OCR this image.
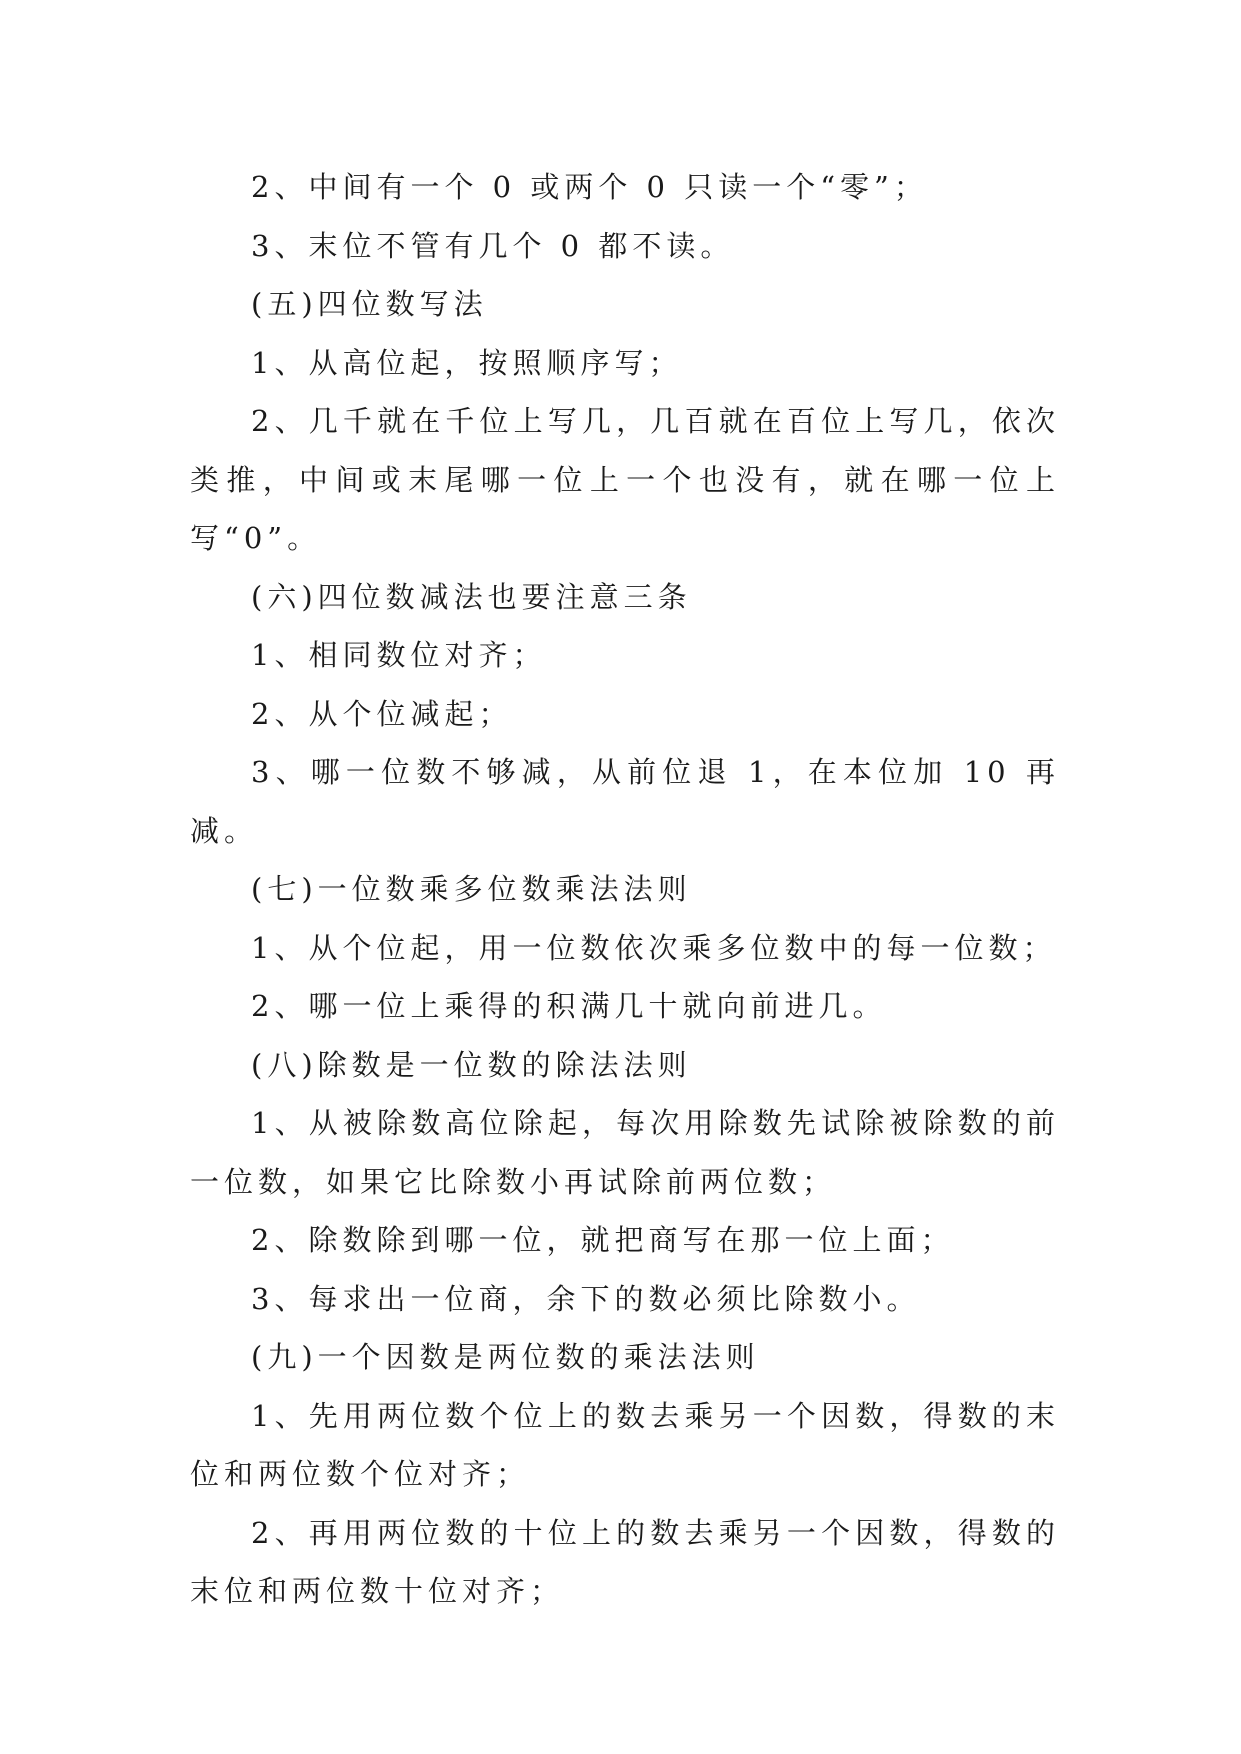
2、中间有一个 0 或两个 0 只读一个“零”；

3、末位不管有几个 0 都不读。

(五)四位数写法

1、从高位起，按照顺序写；

2、几千就在千位上写几，几百就在百位上写几，依次类推，中间或末尾哪一位上一个也没有，就在哪一位上写“0”。

(六)四位数减法也要注意三条

1、相同数位对齐；

2、从个位减起；

3、哪一位数不够减，从前位退 1，在本位加 10 再减。

(七)一位数乘多位数乘法法则

1、从个位起，用一位数依次乘多位数中的每一位数；

2、哪一位上乘得的积满几十就向前进几。

(八)除数是一位数的除法法则

1、从被除数高位除起，每次用除数先试除被除数的前一位数，如果它比除数小再试除前两位数；

2、除数除到哪一位，就把商写在那一位上面；

3、每求出一位商，余下的数必须比除数小。

(九)一个因数是两位数的乘法法则

1、先用两位数个位上的数去乘另一个因数，得数的末位和两位数个位对齐；

2、再用两位数的十位上的数去乘另一个因数，得数的末位和两位数十位对齐；
